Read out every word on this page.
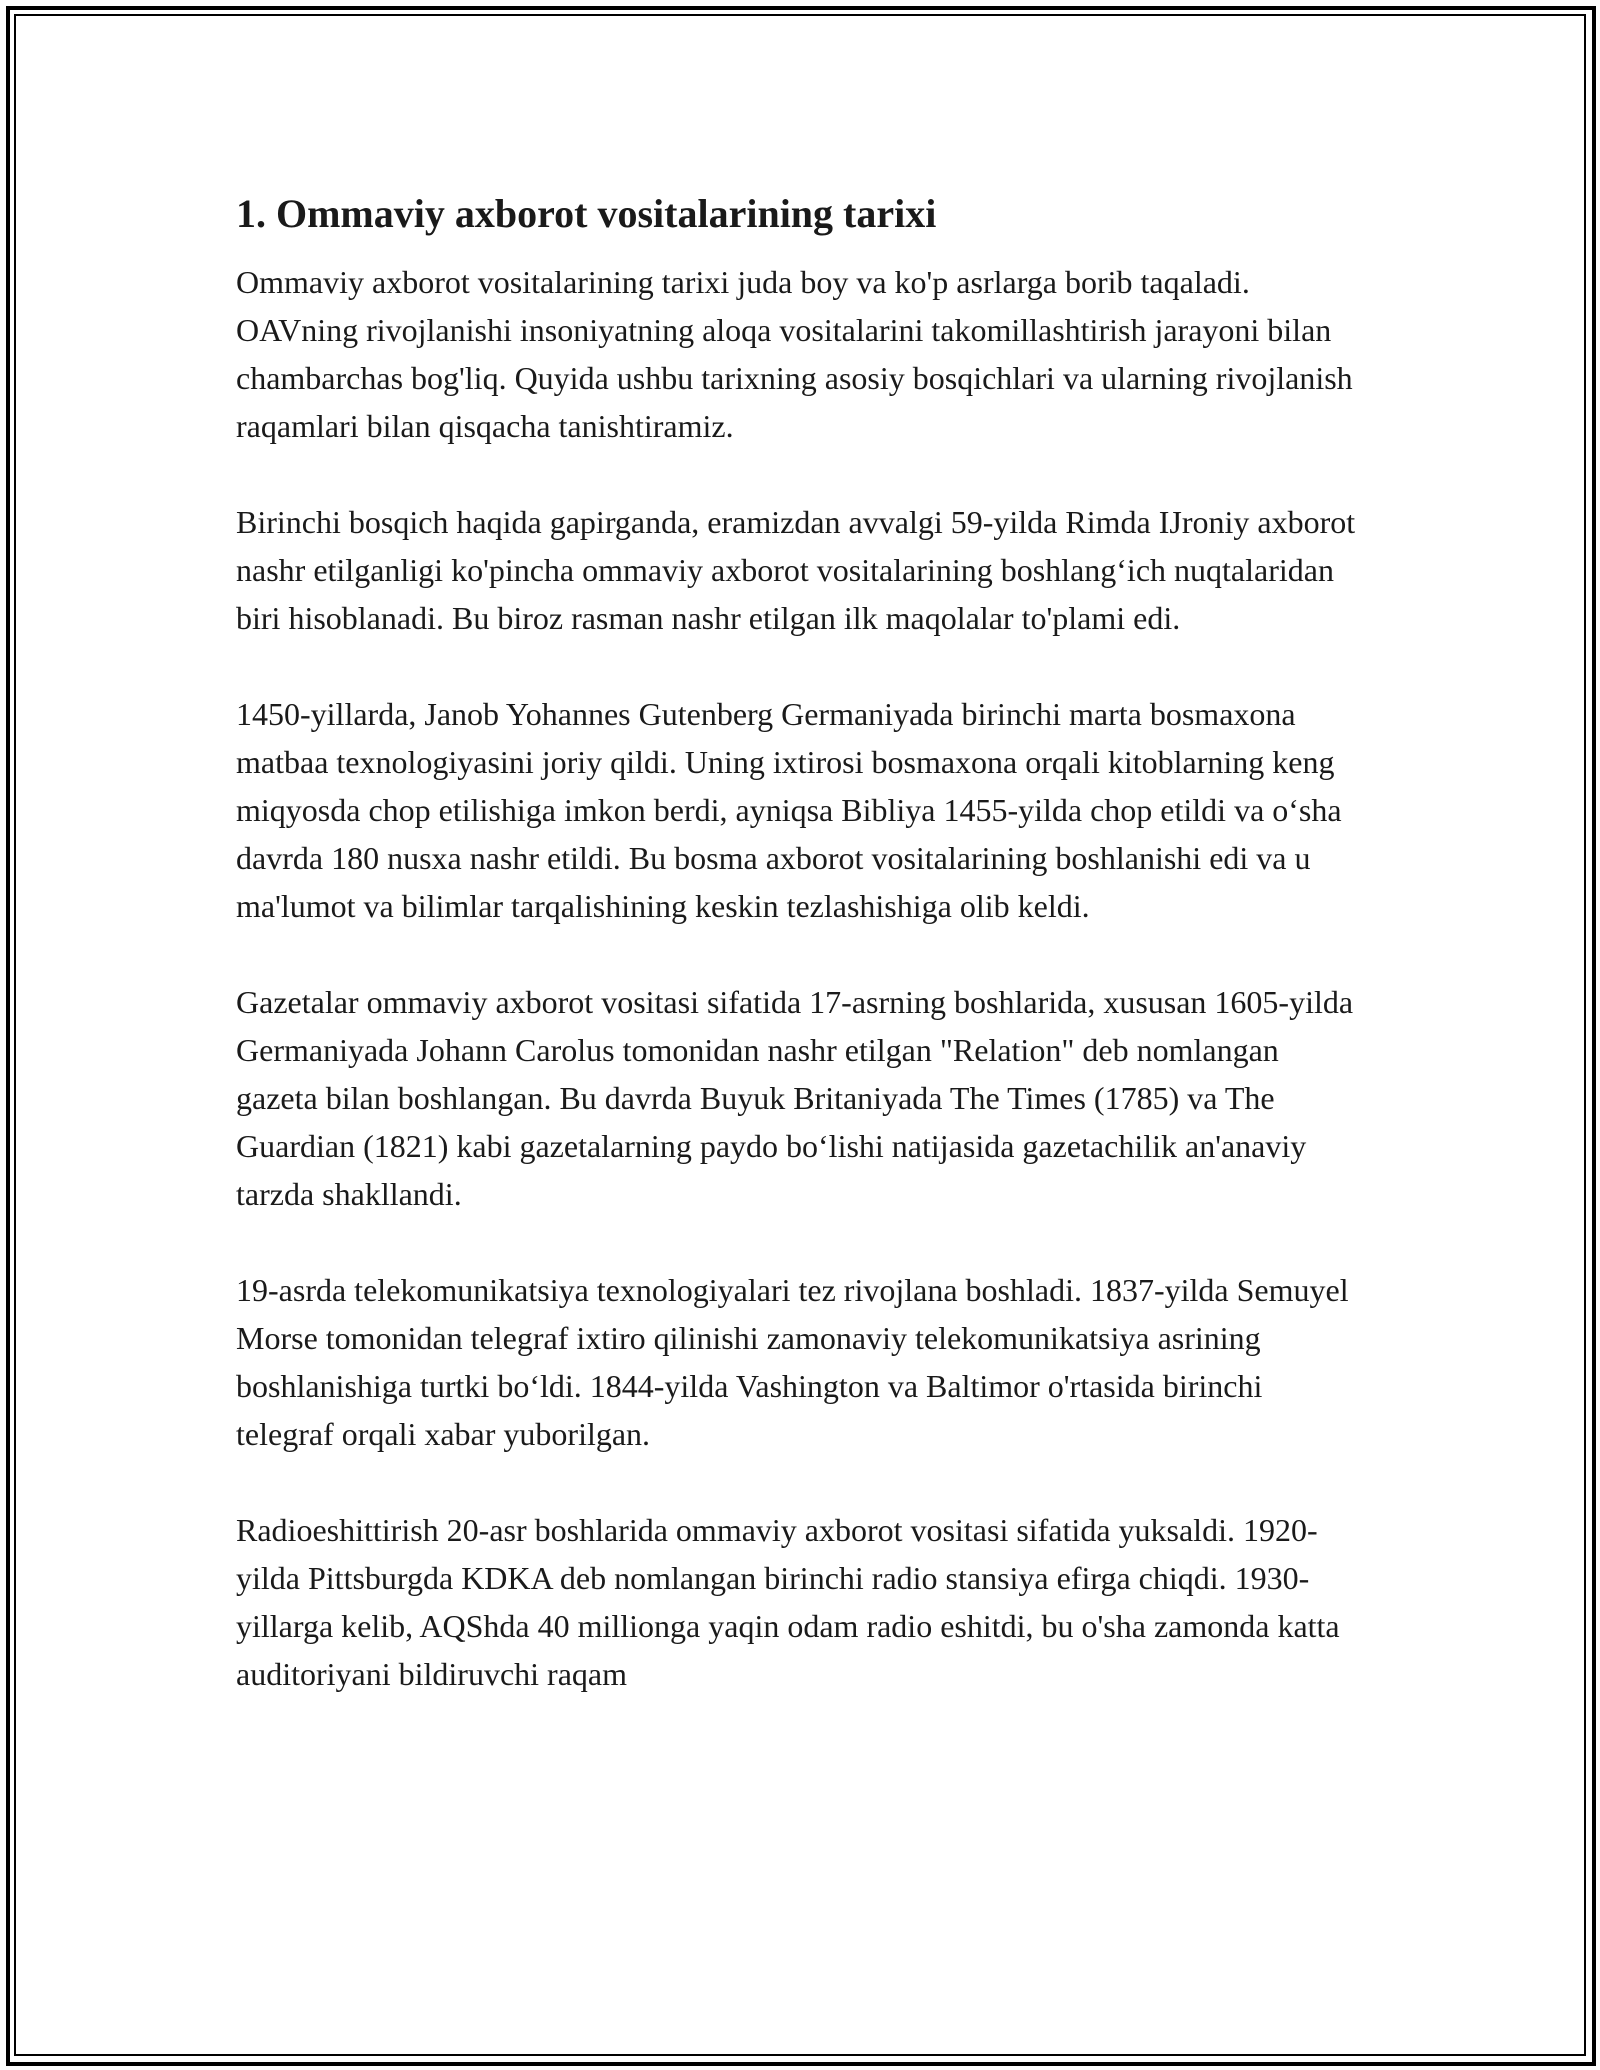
1. Ommaviy axborot vositalarining tarixi

Ommaviy axborot vositalarining tarixi juda boy va ko'p asrlarga borib taqaladi. OAVning rivojlanishi insoniyatning aloqa vositalarini takomillashtirish jarayoni bilan chambarchas bog'liq. Quyida ushbu tarixning asosiy bosqichlari va ularning rivojlanish raqamlari bilan qisqacha tanishtiramiz.

Birinchi bosqich haqida gapirganda, eramizdan avvalgi 59-yilda Rimda IJroniy axborot nashr etilganligi ko'pincha ommaviy axborot vositalarining boshlang‘ich nuqtalaridan biri hisoblanadi. Bu biroz rasman nashr etilgan ilk maqolalar to'plami edi.

1450-yillarda, Janob Yohannes Gutenberg Germaniyada birinchi marta bosmaxona matbaa texnologiyasini joriy qildi. Uning ixtirosi bosmaxona orqali kitoblarning keng miqyosda chop etilishiga imkon berdi, ayniqsa Bibliya 1455-yilda chop etildi va o‘sha davrda 180 nusxa nashr etildi. Bu bosma axborot vositalarining boshlanishi edi va u ma'lumot va bilimlar tarqalishining keskin tezlashishiga olib keldi.

Gazetalar ommaviy axborot vositasi sifatida 17-asrning boshlarida, xususan 1605-yilda Germaniyada Johann Carolus tomonidan nashr etilgan "Relation" deb nomlangan gazeta bilan boshlangan. Bu davrda Buyuk Britaniyada The Times (1785) va The Guardian (1821) kabi gazetalarning paydo bo‘lishi natijasida gazetachilik an'anaviy tarzda shakllandi.

19-asrda telekomunikatsiya texnologiyalari tez rivojlana boshladi. 1837-yilda Semuyel Morse tomonidan telegraf ixtiro qilinishi zamonaviy telekomunikatsiya asrining boshlanishiga turtki bo‘ldi. 1844-yilda Vashington va Baltimor o'rtasida birinchi telegraf orqali xabar yuborilgan.

Radioeshittirish 20-asr boshlarida ommaviy axborot vositasi sifatida yuksaldi. 1920-yilda Pittsburgda KDKA deb nomlangan birinchi radio stansiya efirga chiqdi. 1930-yillarga kelib, AQShda 40 millionga yaqin odam radio eshitdi, bu o'sha zamonda katta auditoriyani bildiruvchi raqam
